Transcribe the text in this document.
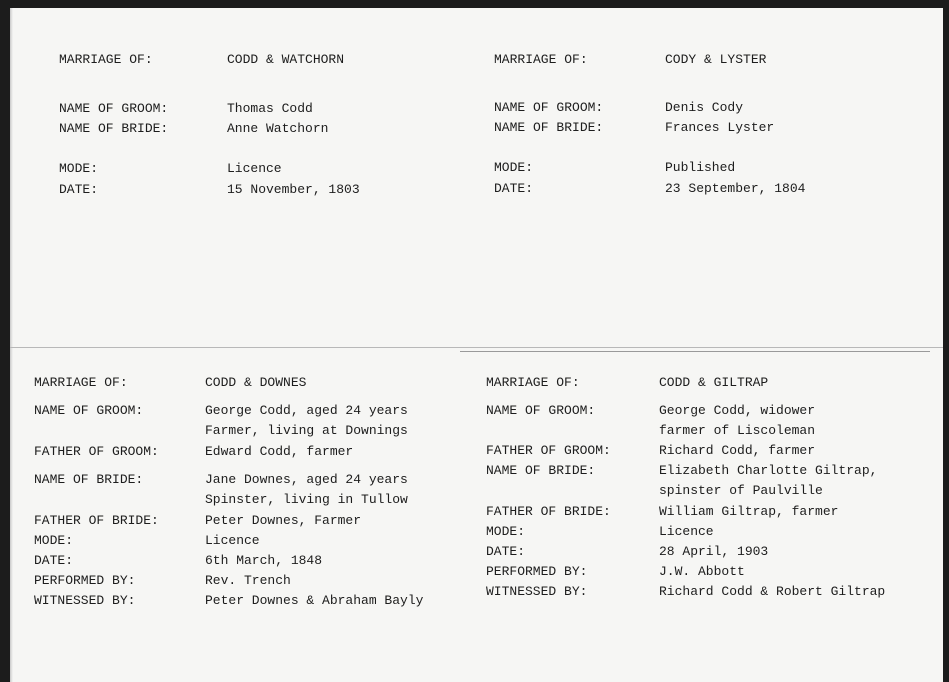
MARRIAGE OF:	CODD & WATCHORN
NAME OF GROOM:	Thomas Codd
NAME OF BRIDE:	Anne Watchorn
MODE:	Licence
DATE:	15 November, 1803
MARRIAGE OF:	CODY & LYSTER
NAME OF GROOM:	Denis Cody
NAME OF BRIDE:	Frances Lyster
MODE:	Published
DATE:	23 September, 1804
MARRIAGE OF:	CODD & DOWNES
NAME OF GROOM:	George Codd, aged 24 years
Farmer, living at Downings
FATHER OF GROOM:	Edward Codd, farmer
NAME OF BRIDE:	Jane Downes, aged 24 years
Spinster, living in Tullow
FATHER OF BRIDE:	Peter Downes, Farmer
MODE:	Licence
DATE:	6th March, 1848
PERFORMED BY:	Rev. Trench
WITNESSED BY:	Peter Downes & Abraham Bayly
MARRIAGE OF:	CODD & GILTRAP
NAME OF GROOM:	George Codd, widower
farmer of Liscoleman
FATHER OF GROOM:	Richard Codd, farmer
NAME OF BRIDE:	Elizabeth Charlotte Giltrap,
spinster of Paulville
FATHER OF BRIDE:	William Giltrap, farmer
MODE:	Licence
DATE:	28 April, 1903
PERFORMED BY:	J.W. Abbott
WITNESSED BY:	Richard Codd & Robert Giltrap
